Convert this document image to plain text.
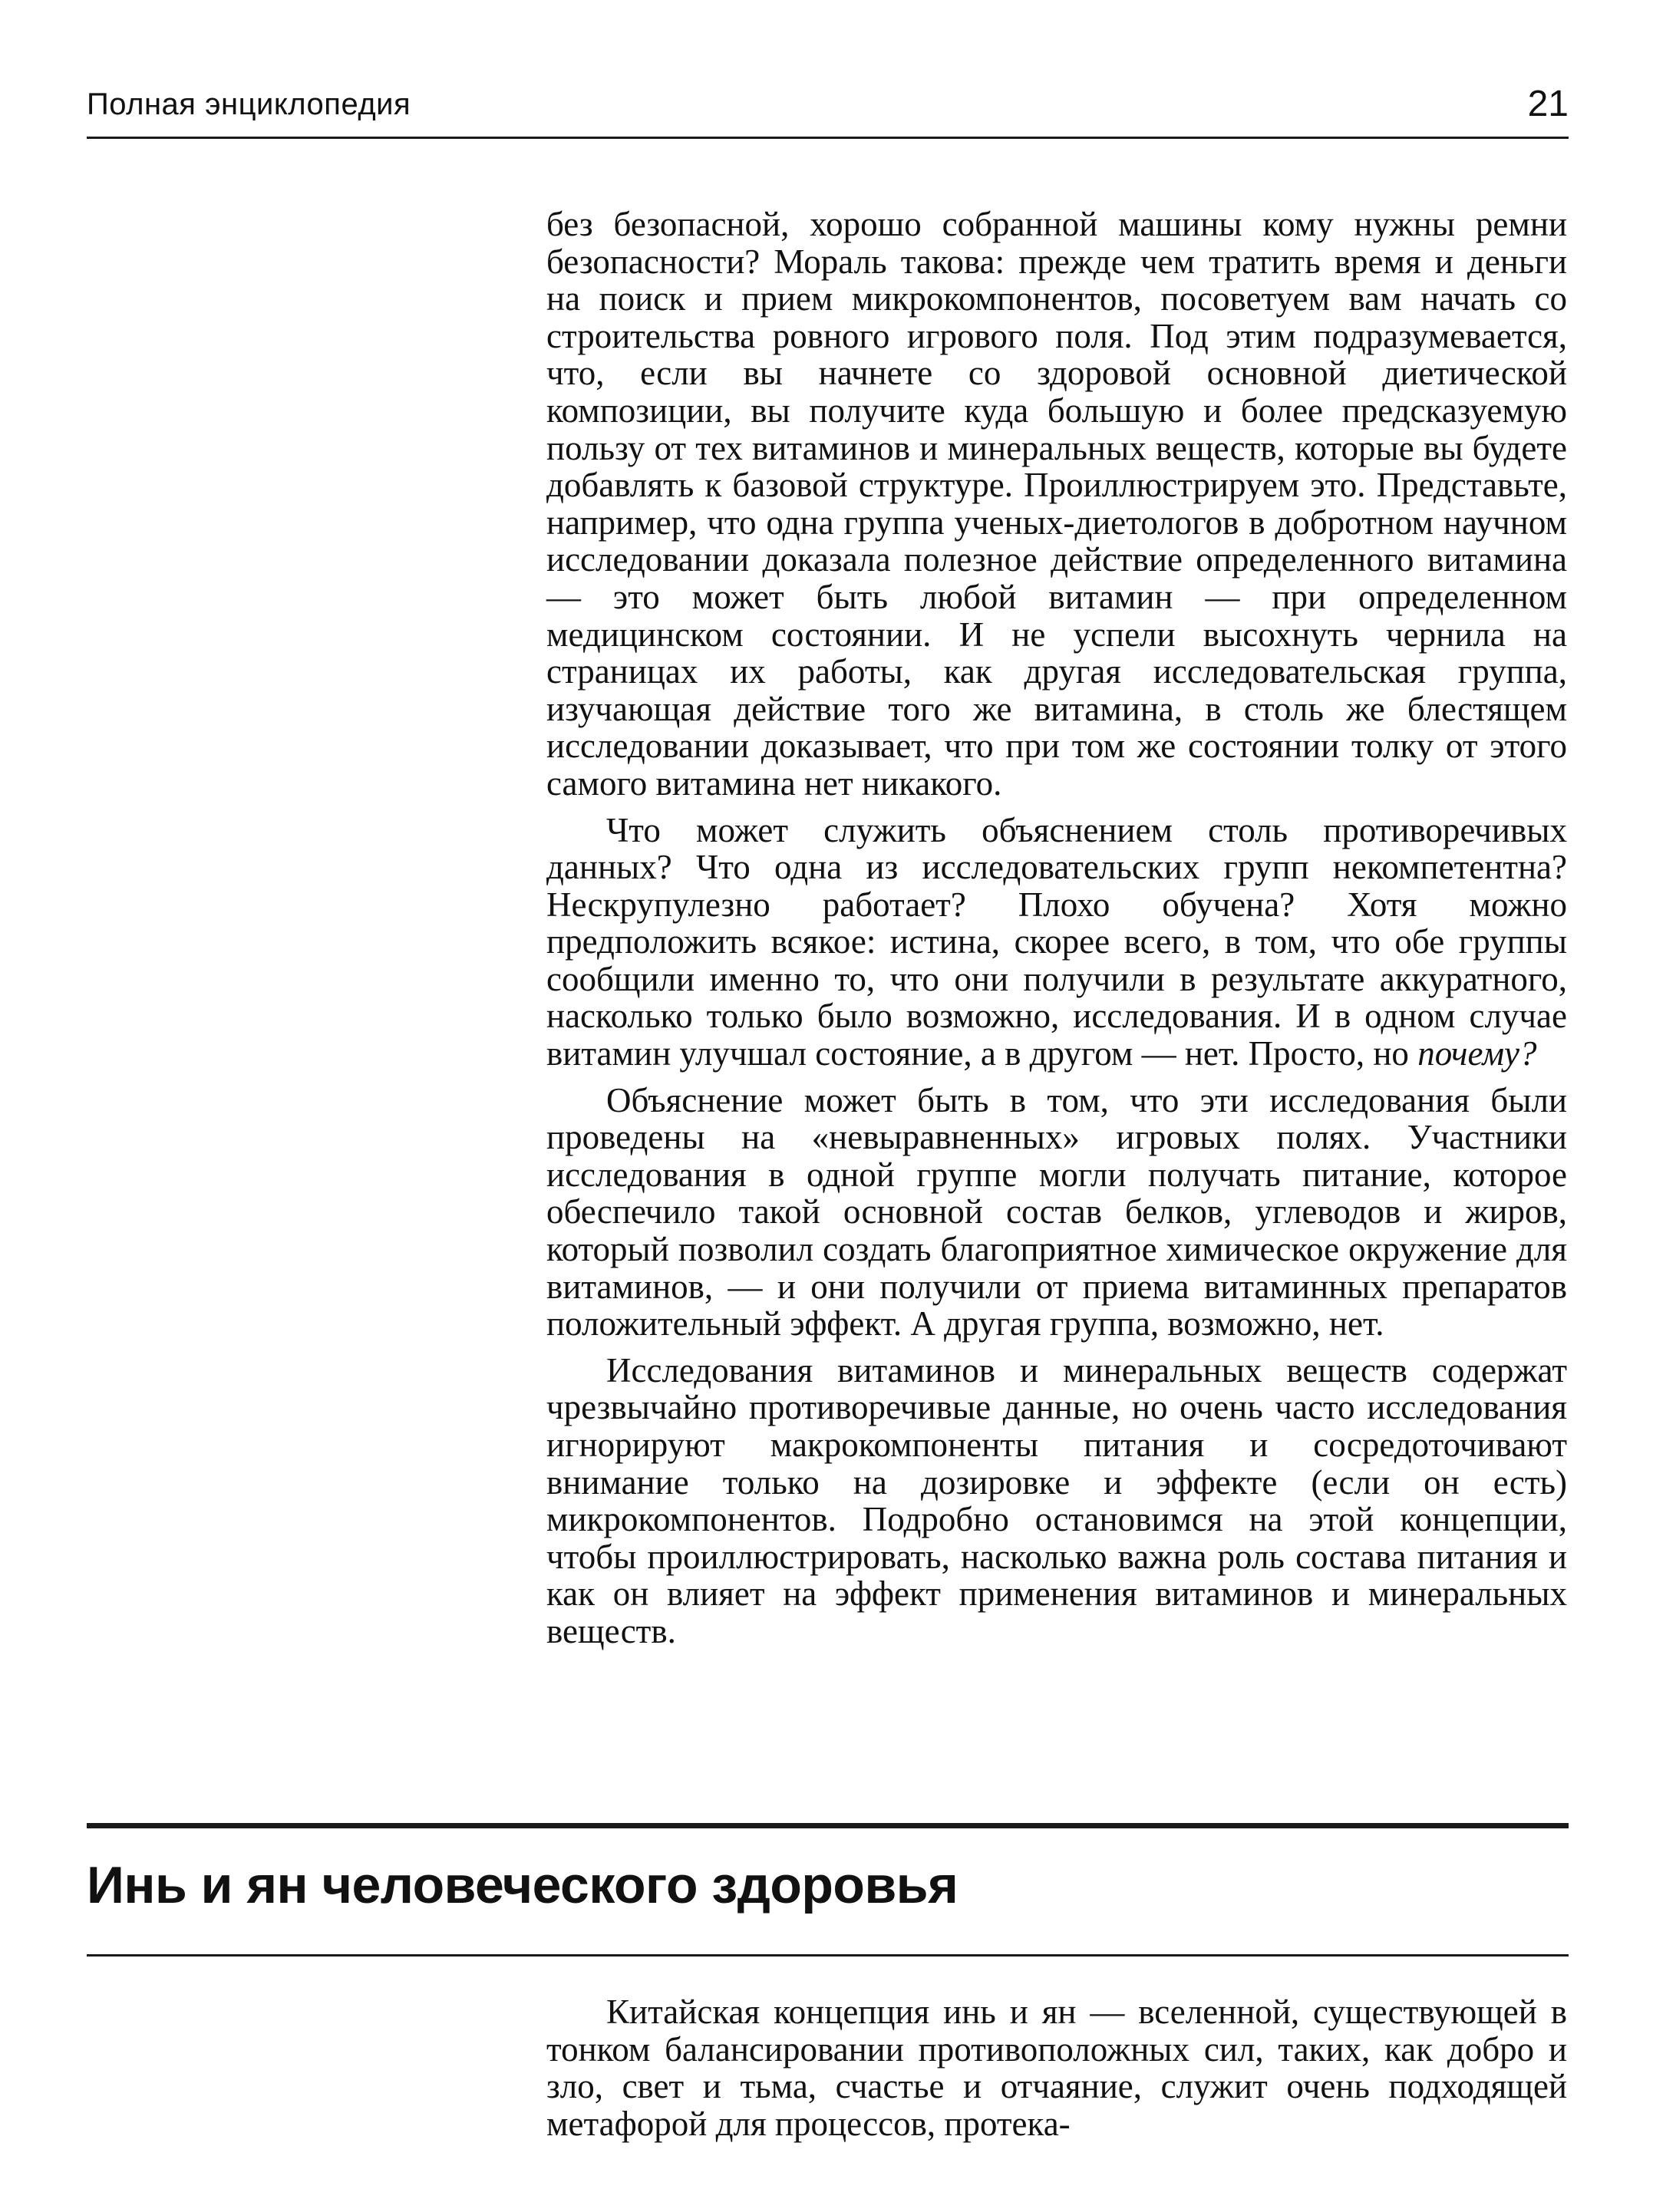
Полная энциклопедия	21

без безопасной, хорошо собранной машины кому нужны ремни безопасности? Мораль такова: прежде чем тратить время и деньги на поиск и прием микрокомпонентов, посоветуем вам начать со строительства ровного игрового поля. Под этим подразумевается, что, если вы начнете со здоровой основной диетической композиции, вы получите куда большую и более предсказуемую пользу от тех витаминов и минеральных веществ, которые вы будете добавлять к базовой структуре. Проиллюстрируем это. Представьте, например, что одна группа ученых-диетологов в добротном научном исследовании доказала полезное действие определенного витамина — это может быть любой витамин — при определенном медицинском состоянии. И не успели высохнуть чернила на страницах их работы, как другая исследовательская группа, изучающая действие того же витамина, в столь же блестящем исследовании доказывает, что при том же состоянии толку от этого самого витамина нет никакого.

Что может служить объяснением столь противоречивых данных? Что одна из исследовательских групп некомпетентна? Нескрупулезно работает? Плохо обучена? Хотя можно предположить всякое: истина, скорее всего, в том, что обе группы сообщили именно то, что они получили в результате аккуратного, насколько только было возможно, исследования. И в одном случае витамин улучшал состояние, а в другом — нет. Просто, но почему?

Объяснение может быть в том, что эти исследования были проведены на «невыравненных» игровых полях. Участники исследования в одной группе могли получать питание, которое обеспечило такой основной состав белков, углеводов и жиров, который позволил создать благоприятное химическое окружение для витаминов, — и они получили от приема витаминных препаратов положительный эффект. А другая группа, возможно, нет.

Исследования витаминов и минеральных веществ содержат чрезвычайно противоречивые данные, но очень часто исследования игнорируют макрокомпоненты питания и сосредоточивают внимание только на дозировке и эффекте (если он есть) микрокомпонентов. Подробно остановимся на этой концепции, чтобы проиллюстрировать, насколько важна роль состава питания и как он влияет на эффект применения витаминов и минеральных веществ.

Инь и ян человеческого здоровья

Китайская концепция инь и ян — вселенной, существующей в тонком балансировании противоположных сил, таких, как добро и зло, свет и тьма, счастье и отчаяние, служит очень подходящей метафорой для процессов, протека-
